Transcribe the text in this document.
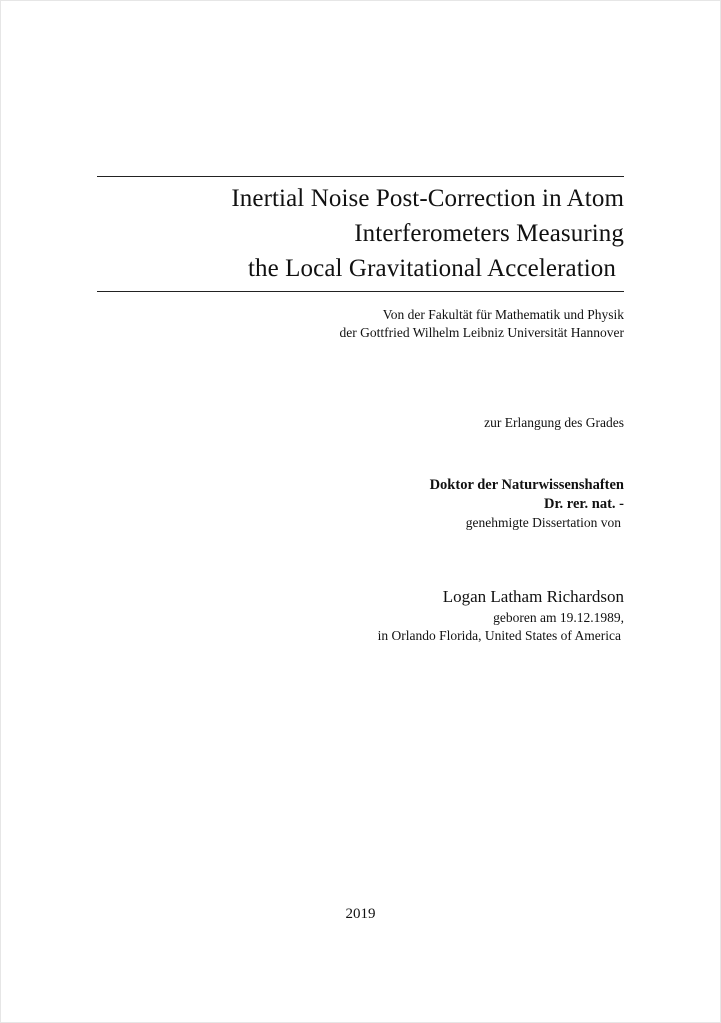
Inertial Noise Post-Correction in Atom
Interferometers Measuring
the Local Gravitational Acceleration
Von der Fakultät für Mathematik und Physik
der Gottfried Wilhelm Leibniz Universität Hannover
zur Erlangung des Grades
Doktor der Naturwissenshaften
Dr. rer. nat. -
genehmigte Dissertation von
Logan Latham Richardson
geboren am 19.12.1989,
in Orlando Florida, United States of America
2019
